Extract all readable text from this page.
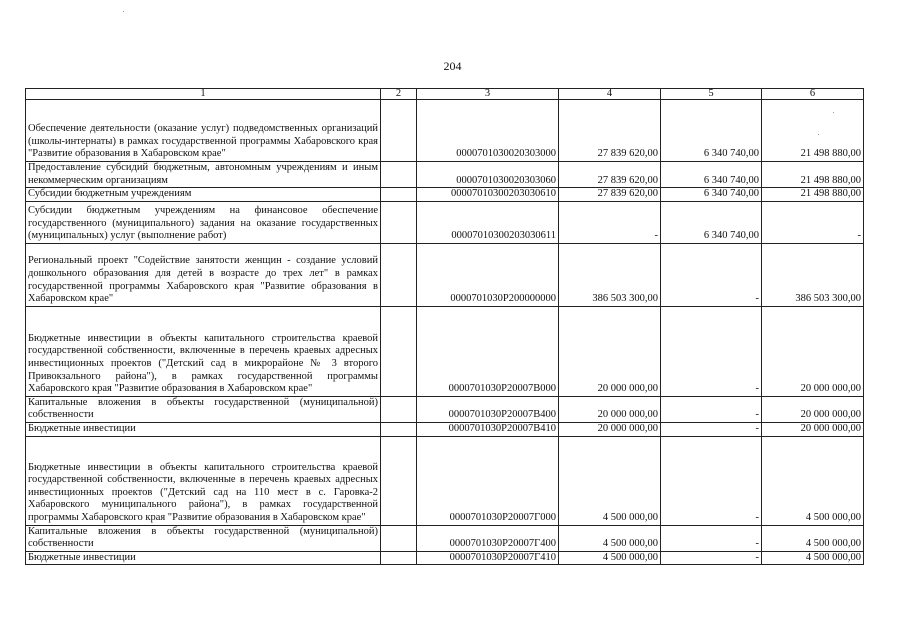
204
1	2	3	4	5	6
Обеспечение деятельности (оказание услуг) подведомственных организаций (школы-интернаты) в рамках государственной программы Хабаровского края "Развитие образования в Хабаровском крае"		0000701030020303000	27 839 620,00	6 340 740,00	21 498 880,00
Предоставление субсидий бюджетным, автономным учреждениям и иным некоммерческим организациям		0000701030020303060	27 839 620,00	6 340 740,00	21 498 880,00
Субсидии бюджетным учреждениям		00007010300203030610	27 839 620,00	6 340 740,00	21 498 880,00
Субсидии бюджетным учреждениям на финансовое обеспечение государственного (муниципального) задания на оказание государственных (муниципальных) услуг (выполнение работ)		00007010300203030611	-	6 340 740,00	-
Региональный проект "Содействие занятости женщин - создание условий дошкольного образования для детей в возрасте до трех лет" в рамках государственной программы Хабаровского края "Развитие образования в Хабаровском крае"		0000701030P200000000	386 503 300,00	-	386 503 300,00
Бюджетные инвестиции в объекты капитального строительства краевой государственной собственности, включенные в перечень краевых адресных инвестиционных проектов ("Детский сад в микрорайоне № 3 второго Привокзального района"), в рамках государственной программы Хабаровского края "Развитие образования в Хабаровском крае"		0000701030P20007B000	20 000 000,00	-	20 000 000,00
Капитальные вложения в объекты государственной (муниципальной) собственности		0000701030P20007B400	20 000 000,00	-	20 000 000,00
Бюджетные инвестиции		0000701030P20007B410	20 000 000,00	-	20 000 000,00
Бюджетные инвестиции в объекты капитального строительства краевой государственной собственности, включенные в перечень краевых адресных инвестиционных проектов ("Детский сад на 110 мест в с. Гаровка-2 Хабаровского муниципального района"), в рамках государственной программы Хабаровского края "Развитие образования в Хабаровском крае"		0000701030P20007Г000	4 500 000,00	-	4 500 000,00
Капитальные вложения в объекты государственной (муниципальной) собственности		0000701030P20007Г400	4 500 000,00	-	4 500 000,00
Бюджетные инвестиции		0000701030P20007Г410	4 500 000,00	-	4 500 000,00
